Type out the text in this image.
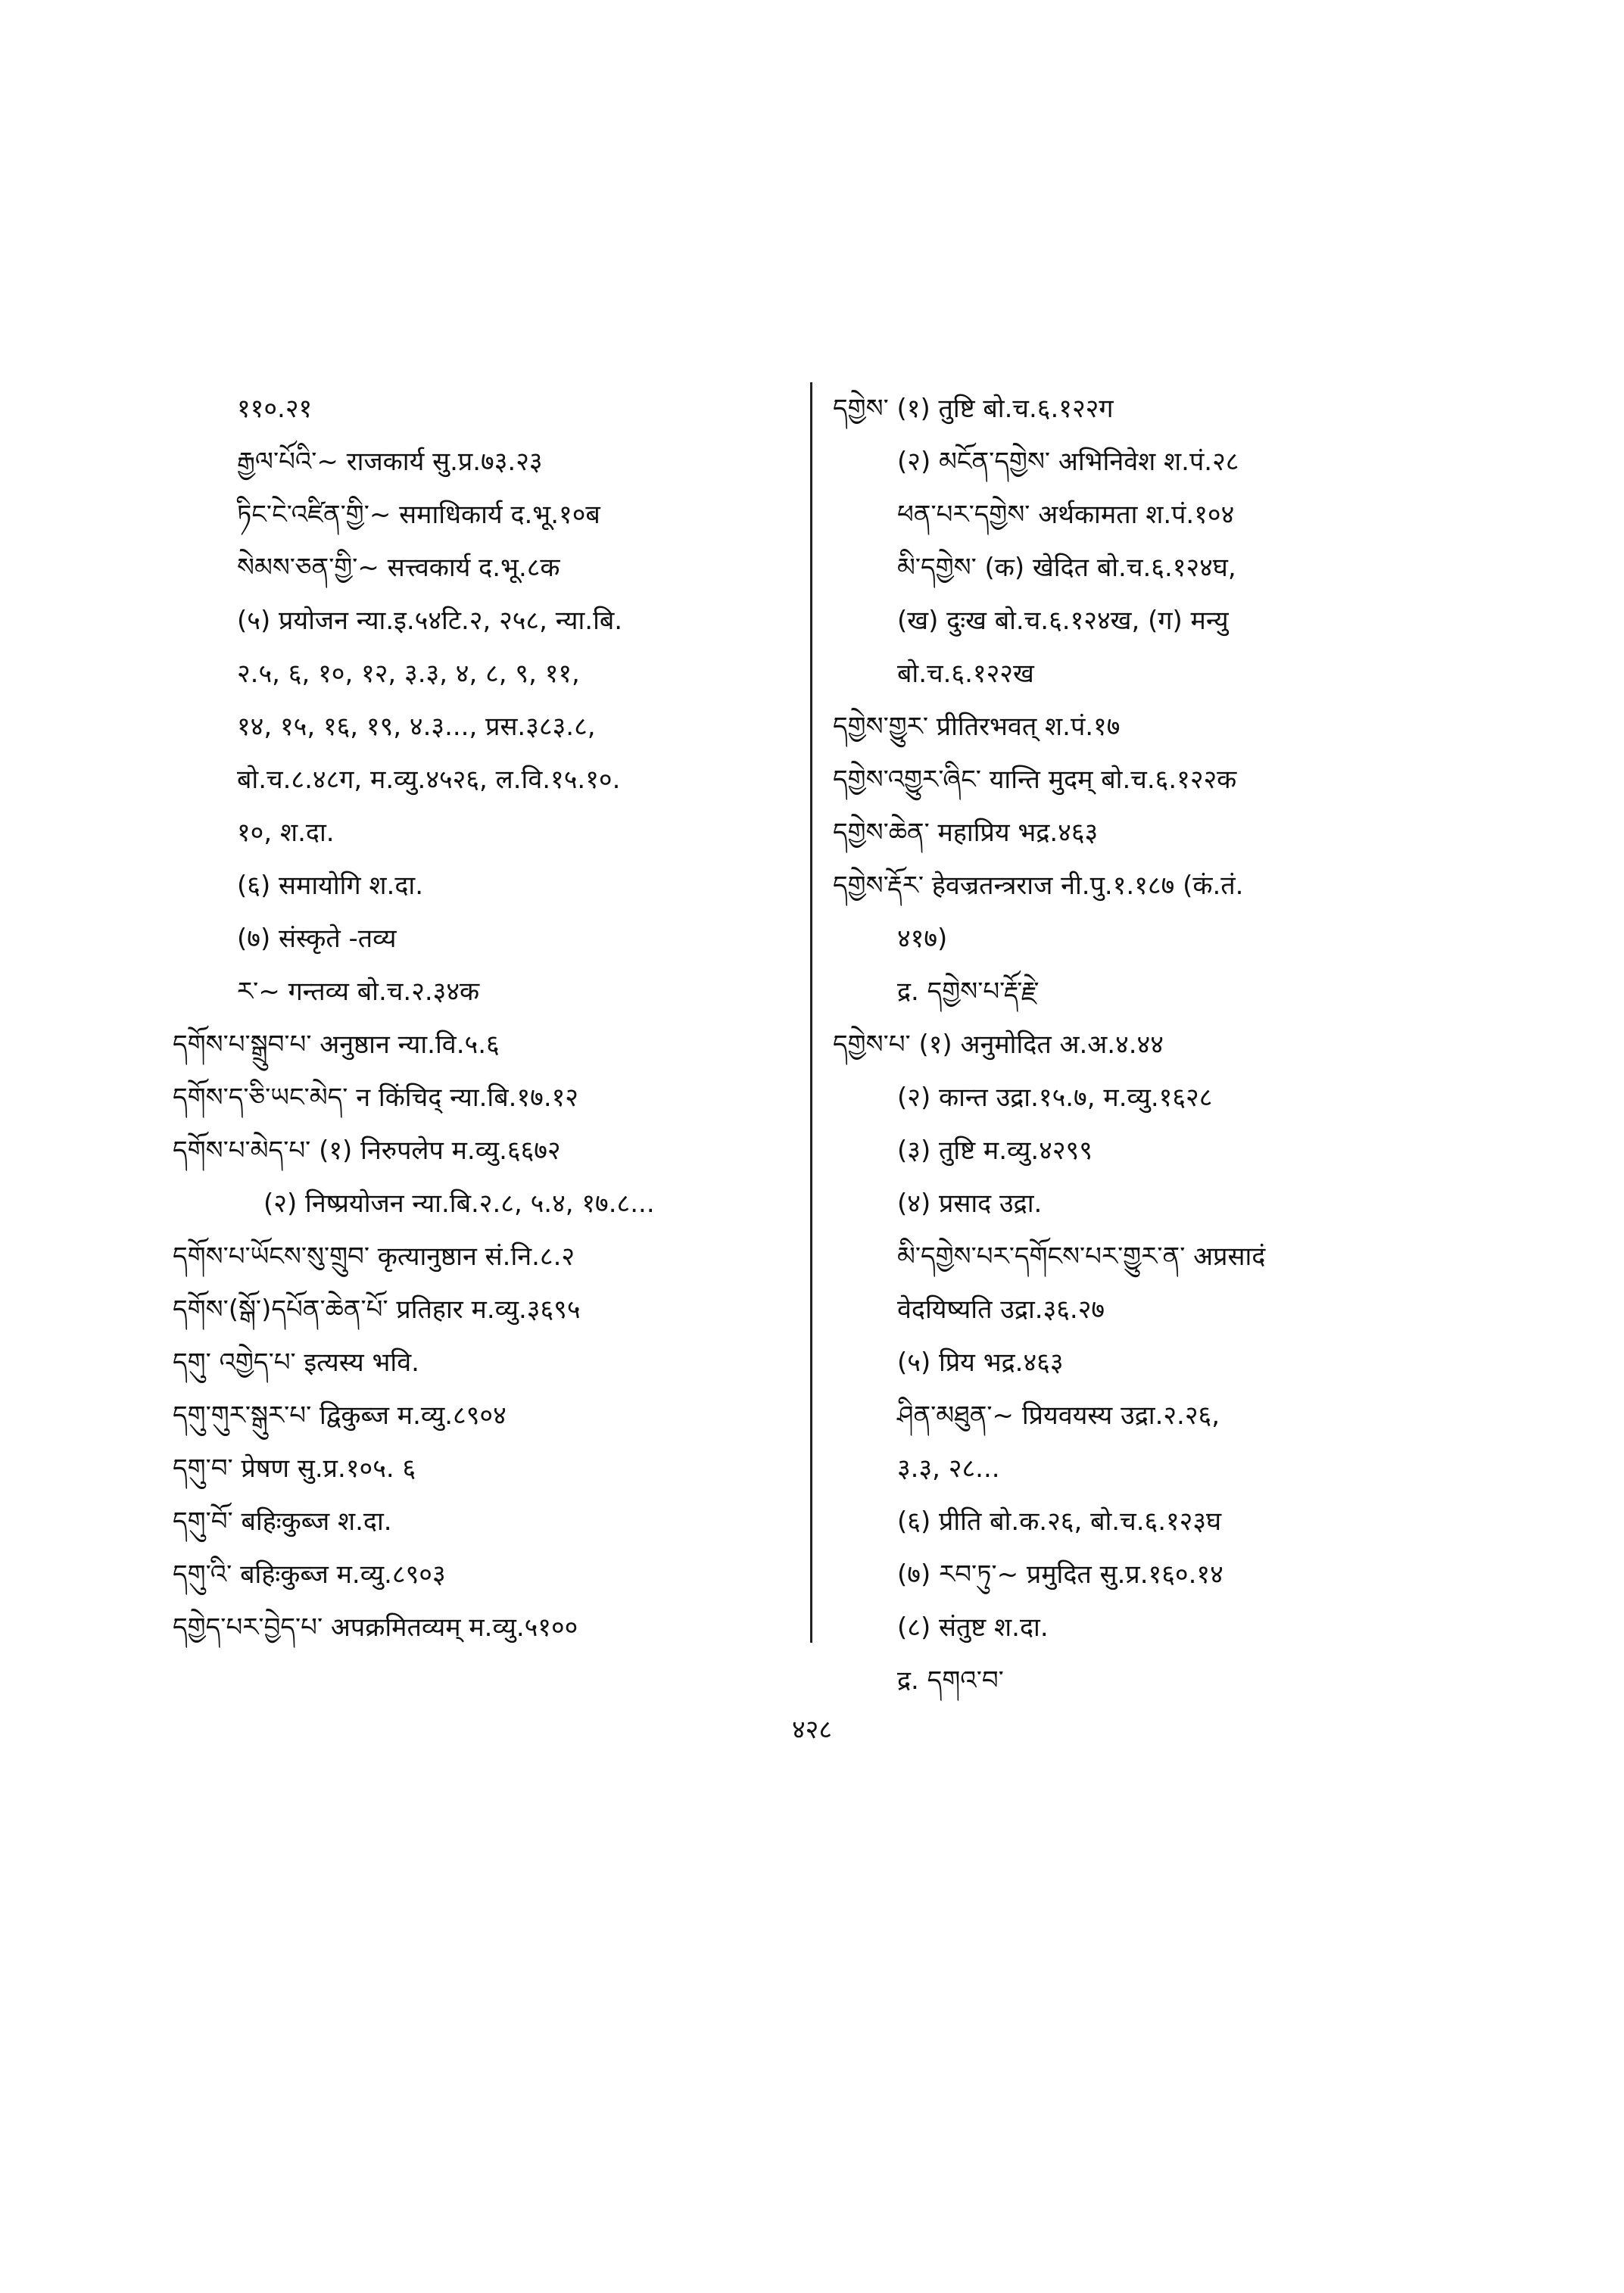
११०.२१
རྒྱལ་པོའི་~ राजकार्य सु.प्र.७३.२३
ཏིང་ངེ་འཛིན་གྱི་~ समाधिकार्य द.भू.१०ब
སེམས་ཅན་གྱི་~ सत्त्वकार्य द.भू.८क
(५) प्रयोजन न्या.इ.५४टि.२, २५८, न्या.बि.
२.५, ६, १०, १२, ३.३, ४, ८, ९, ११,
१४, १५, १६, १९, ४.३..., प्रस.३८३.८,
बो.च.८.४८ग, म.व्यु.४५२६, ल.वि.१५.१०.
१०, श.दा.
(६) समायोगि श.दा.
(७) संस्कृते -तव्य
ར་~ गन्तव्य बो.च.२.३४क
དགོས་པ་སྒྲུབ་པ་ अनुष्ठान न्या.वि.५.६
དགོས་ད་ཅི་ཡང་མེད་ न किंचिद् न्या.बि.१७.१२
དགོས་པ་མེད་པ་ (१) निरुपलेप म.व्यु.६६७२
(२) निष्प्रयोजन न्या.बि.२.८, ५.४, १७.८...
དགོས་པ་ཡོངས་སུ་གྲུབ་ कृत्यानुष्ठान सं.नि.८.२
དགོས་(སྒོ་)དཔོན་ཆེན་པོ་ प्रतिहार म.व्यु.३६९५
དགུ་ འགྱེད་པ་ इत्यस्य भवि.
དགུ་གུར་སྒུར་པ་ द्विकुब्ज म.व्यु.८९०४
དགུ་བ་ प्रेषण सु.प्र.१०५. ६
དགུ་བོ་ बहिःकुब्ज श.दा.
དགུ་འི་ बहिःकुब्ज म.व्यु.८९०३
དགྱེད་པར་བྱེད་པ་ अपक्रमितव्यम् म.व्यु.५१००
དགྱེས་ (१) तुष्टि बो.च.६.१२२ग
(२) མངོན་དགྱེས་ अभिनिवेश श.पं.२८
ཕན་པར་དགྱེས་ अर्थकामता श.पं.१०४
མི་དགྱེས་ (क) खेदित बो.च.६.१२४घ,
(ख) दुःख बो.च.६.१२४ख, (ग) मन्यु
बो.च.६.१२२ख
དགྱེས་གྱུར་ प्रीतिरभवत् श.पं.१७
དགྱེས་འགྱུར་ཞིང་ यान्ति मुदम् बो.च.६.१२२क
དགྱེས་ཆེན་ महाप्रिय भद्र.४६३
དགྱེས་རྡོར་ हेवज्रतन्त्रराज नी.पु.१.१८७ (कं.तं.
४१७)
द्र. དགྱེས་པ་རྡོ་རྗེ་
དགྱེས་པ་ (१) अनुमोदित अ.अ.४.४४
(२) कान्त उद्रा.१५.७, म.व्यु.१६२८
(३) तुष्टि म.व्यु.४२९९
(४) प्रसाद उद्रा.
མི་དགྱེས་པར་དགོངས་པར་གྱུར་ན་ अप्रसादं
वेदयिष्यति उद्रा.३६.२७
(५) प्रिय भद्र.४६३
ཤིན་མཐུན་~ प्रियवयस्य उद्रा.२.२६,
३.३, २८...
(६) प्रीति बो.क.२६, बो.च.६.१२३घ
(७) རབ་ཏུ་~ प्रमुदित सु.प्र.१६०.१४
(८) संतुष्ट श.दा.
द्र. དགའ་བ་
४२८
